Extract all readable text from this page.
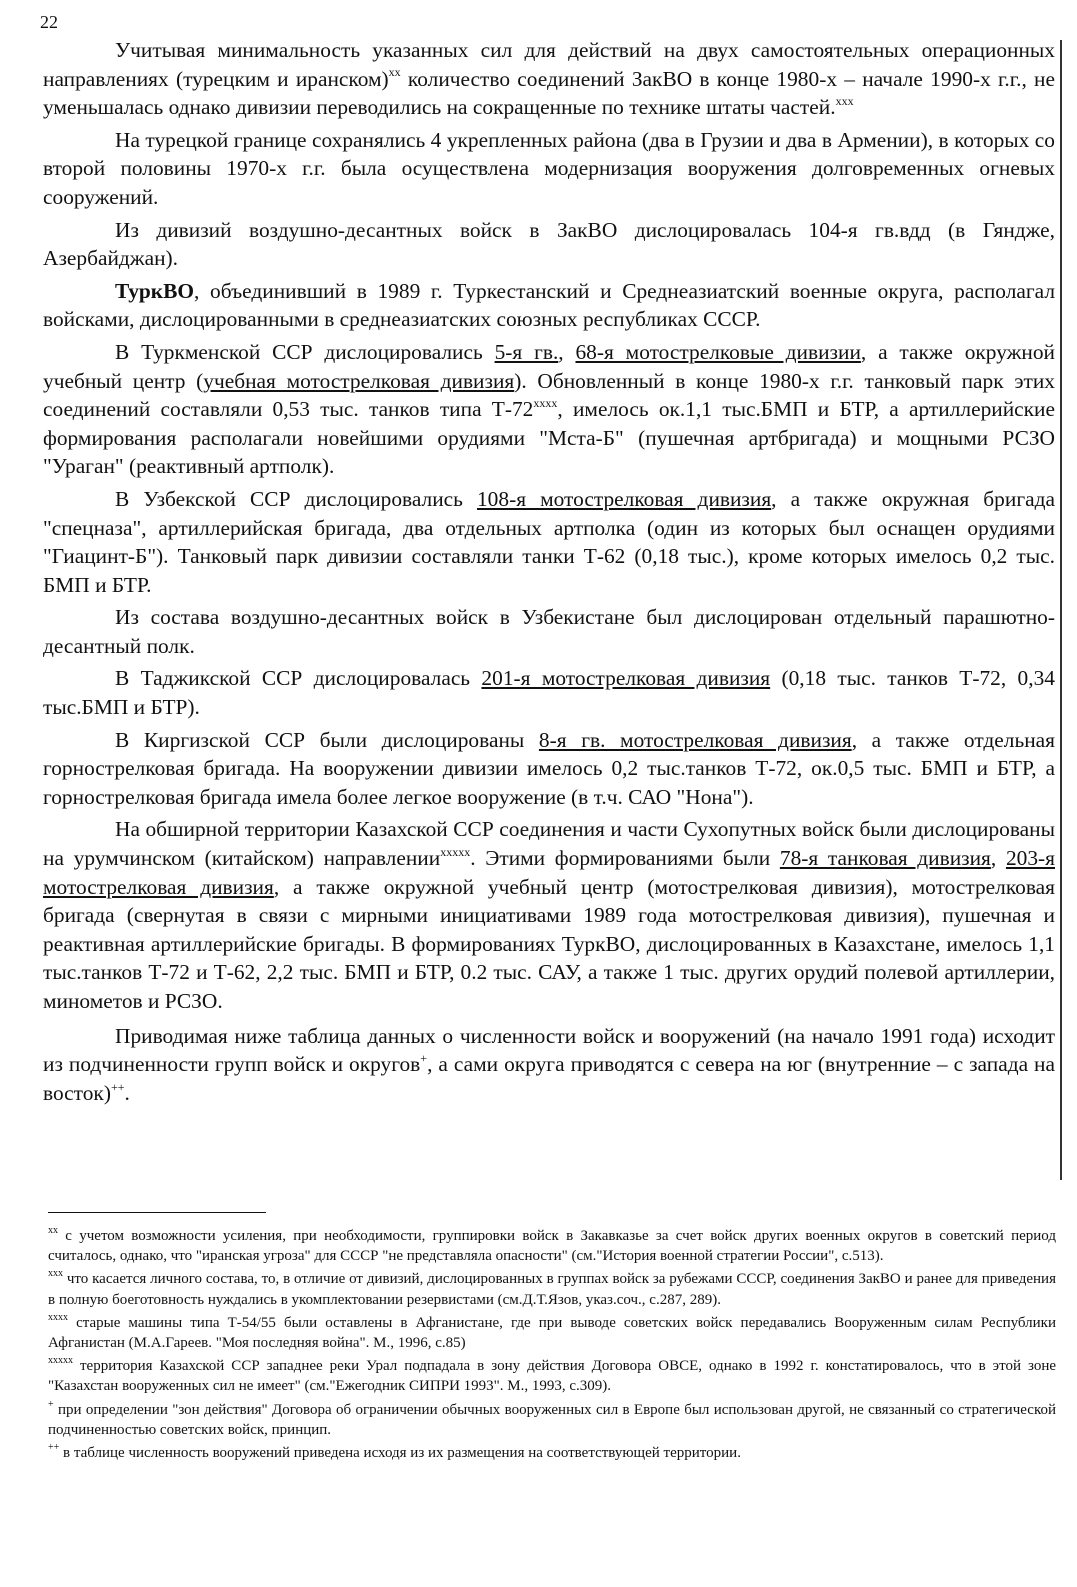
22

Учитывая минимальность указанных сил для действий на двух самостоятельных операционных направлениях (турецким и иранском)$^{xx}$ количество соединений ЗакВО в конце 1980-х – начале 1990-х г.г., не уменьшалась однако дивизии переводились на сокращенные по технике штаты частей.$^{xxx}$

На турецкой границе сохранялись 4 укрепленных района (два в Грузии и два в Армении), в которых со второй половины 1970-х г.г. была осуществлена модернизация вооружения долговременных огневых сооружений.

Из дивизий воздушно-десантных войск в ЗакВО дислоцировалась 104-я гв.вдд (в Гяндже, Азербайджан).

ТуркВО, объединивший в 1989 г. Туркестанский и Среднеазиатский военные округа, располагал войсками, дислоцированными в среднеазиатских союзных республиках СССР.

В Туркменской ССР дислоцировались 5-я гв., 68-я мотострелковые дивизии, а также окружной учебный центр (учебная мотострелковая дивизия). Обновленный в конце 1980-х г.г. танковый парк этих соединений составляли 0,53 тыс. танков типа Т-72$^{xxxx}$, имелось ок.1,1 тыс.БМП и БТР, а артиллерийские формирования располагали новейшими орудиями "Мста-Б" (пушечная артбригада) и мощными РСЗО "Ураган" (реактивный артполк).

В Узбекской ССР дислоцировались 108-я мотострелковая дивизия, а также окружная бригада "спецназа", артиллерийская бригада, два отдельных артполка (один из которых был оснащен орудиями "Гиацинт-Б"). Танковый парк дивизии составляли танки Т-62 (0,18 тыс.), кроме которых имелось 0,2 тыс. БМП и БТР.

Из состава воздушно-десантных войск в Узбекистане был дислоцирован отдельный парашютно-десантный полк.

В Таджикской ССР дислоцировалась 201-я мотострелковая дивизия (0,18 тыс. танков Т-72, 0,34 тыс.БМП и БТР).

В Киргизской ССР были дислоцированы 8-я гв. мотострелковая дивизия, а также отдельная горнострелковая бригада. На вооружении дивизии имелось 0,2 тыс.танков Т-72, ок.0,5 тыс. БМП и БТР, а горнострелковая бригада имела более легкое вооружение (в т.ч. САО "Нона").

На обширной территории Казахской ССР соединения и части Сухопутных войск были дислоцированы на урумчинском (китайском) направлении$^{xxxxx}$. Этими формированиями были 78-я танковая дивизия, 203-я мотострелковая дивизия, а также окружной учебный центр (мотострелковая дивизия), мотострелковая бригада (свернутая в связи с мирными инициативами 1989 года мотострелковая дивизия), пушечная и реактивная артиллерийские бригады. В формированиях ТуркВО, дислоцированных в Казахстане, имелось 1,1 тыс.танков Т-72 и Т-62, 2,2 тыс. БМП и БТР, 0.2 тыс. САУ, а также 1 тыс. других орудий полевой артиллерии, минометов и РСЗО.

Приводимая ниже таблица данных о численности войск и вооружений (на начало 1991 года) исходит из подчиненности групп войск и округов+, а сами округа приводятся с севера на юг (внутренние – с запада на восток)++.

$^{xx}$ с учетом возможности усиления, при необходимости, группировки войск в Закавказье за счет войск других военных округов в советский период считалось, однако, что "иранская угроза" для СССР "не представляла опасности" (см."История военной стратегии России", с.513).

$^{xxx}$ что касается личного состава, то, в отличие от дивизий, дислоцированных в группах войск за рубежами СССР, соединения ЗакВО и ранее для приведения в полную боеготовность нуждались в укомплектовании резервистами (см.Д.Т.Язов, указ.соч., с.287, 289).

$^{xxxx}$ старые машины типа Т-54/55 были оставлены в Афганистане, где при выводе советских войск передавались Вооруженным силам Республики Афганистан (М.А.Гареев. "Моя последняя война". М., 1996, с.85)

$^{xxxxx}$ территория Казахской ССР западнее реки Урал подпадала в зону действия Договора ОВСЕ, однако в 1992 г. констатировалось, что в этой зоне "Казахстан вооруженных сил не имеет" (см."Ежегодник СИПРИ 1993". М., 1993, с.309).

+ при определении "зон действия" Договора об ограничении обычных вооруженных сил в Европе был использован другой, не связанный со стратегической подчиненностью советских войск, принцип.

++ в таблице численность вооружений приведена исходя из их размещения на соответствующей территории.
